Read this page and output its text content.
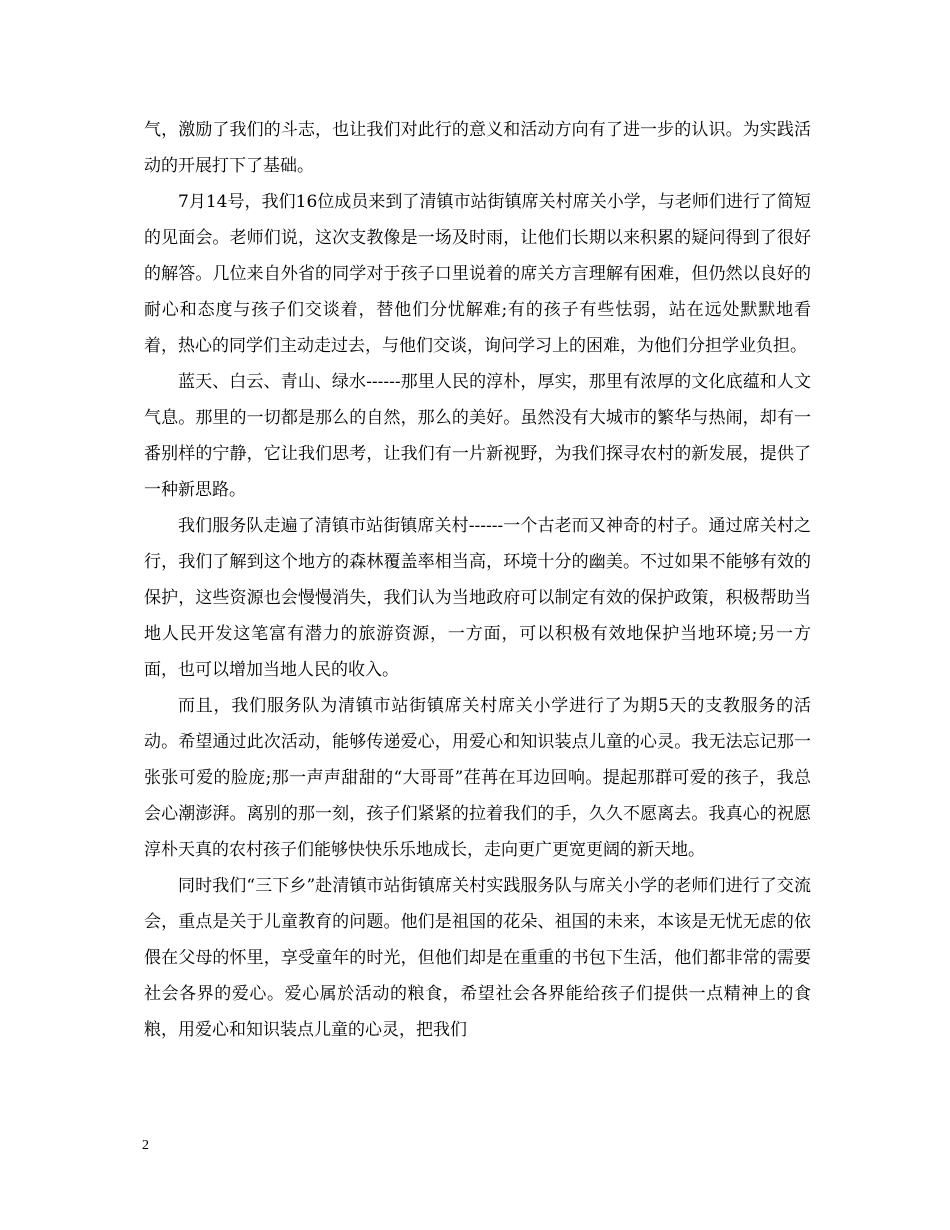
气，激励了我们的斗志，也让我们对此行的意义和活动方向有了进一步的认识。为实践活动的开展打下了基础。

7月14号，我们16位成员来到了清镇市站街镇席关村席关小学，与老师们进行了简短的见面会。老师们说，这次支教像是一场及时雨，让他们长期以来积累的疑问得到了很好的解答。几位来自外省的同学对于孩子口里说着的席关方言理解有困难，但仍然以良好的耐心和态度与孩子们交谈着，替他们分忧解难;有的孩子有些怯弱，站在远处默默地看着，热心的同学们主动走过去，与他们交谈，询问学习上的困难，为他们分担学业负担。

蓝天、白云、青山、绿水------那里人民的淳朴，厚实，那里有浓厚的文化底蕴和人文气息。那里的一切都是那么的自然，那么的美好。虽然没有大城市的繁华与热闹，却有一番别样的宁静，它让我们思考，让我们有一片新视野，为我们探寻农村的新发展，提供了一种新思路。

我们服务队走遍了清镇市站街镇席关村------一个古老而又神奇的村子。通过席关村之行，我们了解到这个地方的森林覆盖率相当高，环境十分的幽美。不过如果不能够有效的保护，这些资源也会慢慢消失，我们认为当地政府可以制定有效的保护政策，积极帮助当地人民开发这笔富有潜力的旅游资源，一方面，可以积极有效地保护当地环境;另一方面，也可以增加当地人民的收入。

而且，我们服务队为清镇市站街镇席关村席关小学进行了为期5天的支教服务的活动。希望通过此次活动，能够传递爱心，用爱心和知识装点儿童的心灵。我无法忘记那一张张可爱的脸庞;那一声声甜甜的“大哥哥”荏苒在耳边回响。提起那群可爱的孩子，我总会心潮澎湃。离别的那一刻，孩子们紧紧的拉着我们的手，久久不愿离去。我真心的祝愿淳朴天真的农村孩子们能够快快乐乐地成长，走向更广更宽更阔的新天地。

同时我们“三下乡”赴清镇市站街镇席关村实践服务队与席关小学的老师们进行了交流会，重点是关于儿童教育的问题。他们是祖国的花朵、祖国的未来，本该是无忧无虑的依偎在父母的怀里，享受童年的时光，但他们却是在重重的书包下生活，他们都非常的需要社会各界的爱心。爱心属於活动的粮食，希望社会各界能给孩子们提供一点精神上的食粮，用爱心和知识装点儿童的心灵，把我们

2
